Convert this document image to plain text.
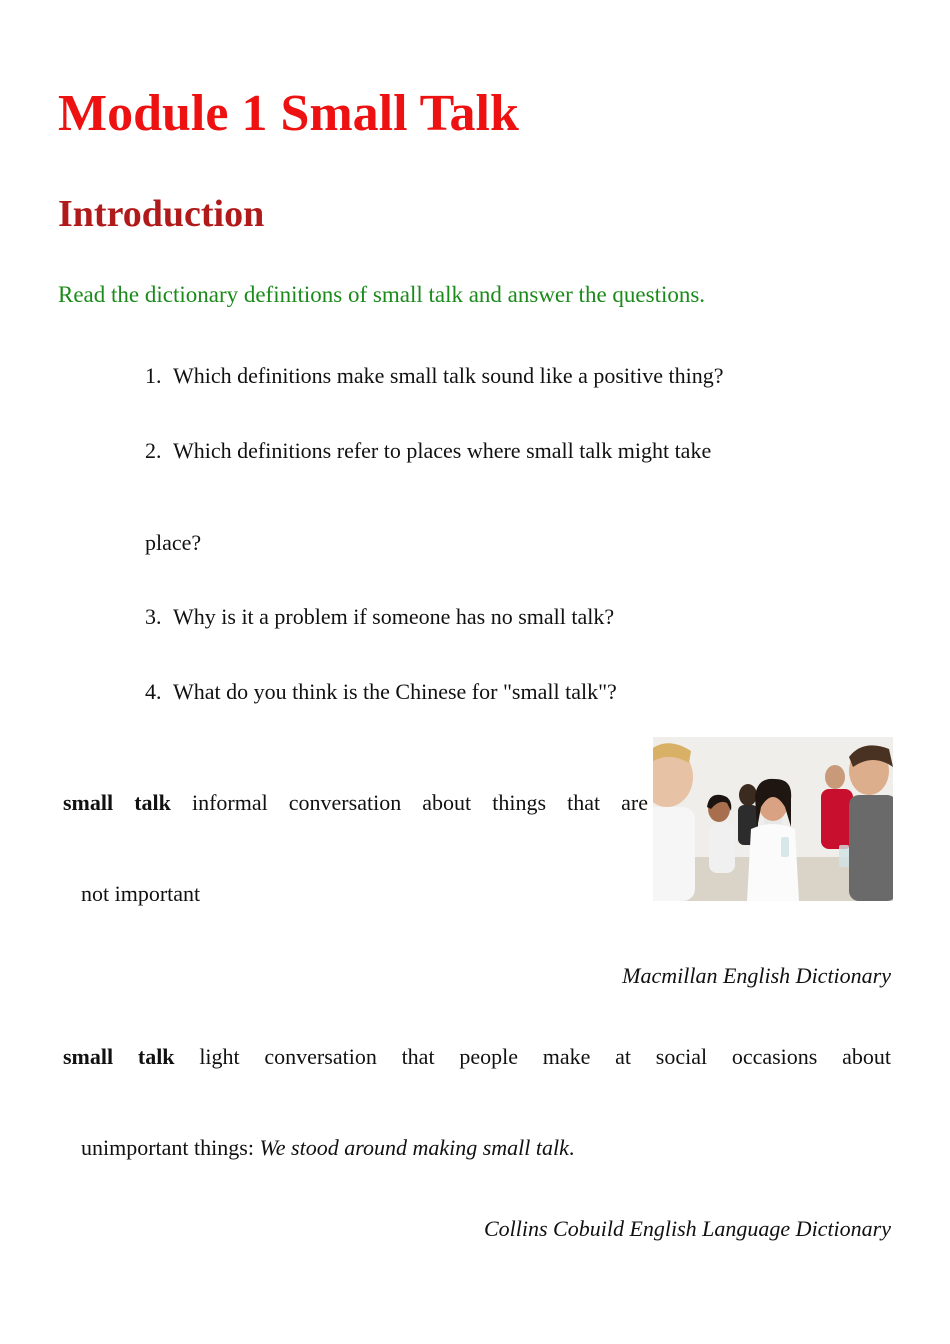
Module 1 Small Talk
Introduction
Read the dictionary definitions of small talk and answer the questions.
1. Which definitions make small talk sound like a positive thing?
2. Which definitions refer to places where small talk might take
place?
3. Why is it a problem if someone has no small talk?
4. What do you think is the Chinese for "small talk"?
small talk informal conversation about things that are
not important
Macmillan English Dictionary
small talk light conversation that people make at social occasions about
unimportant things: We stood around making small talk.
Collins Cobuild English Language Dictionary
